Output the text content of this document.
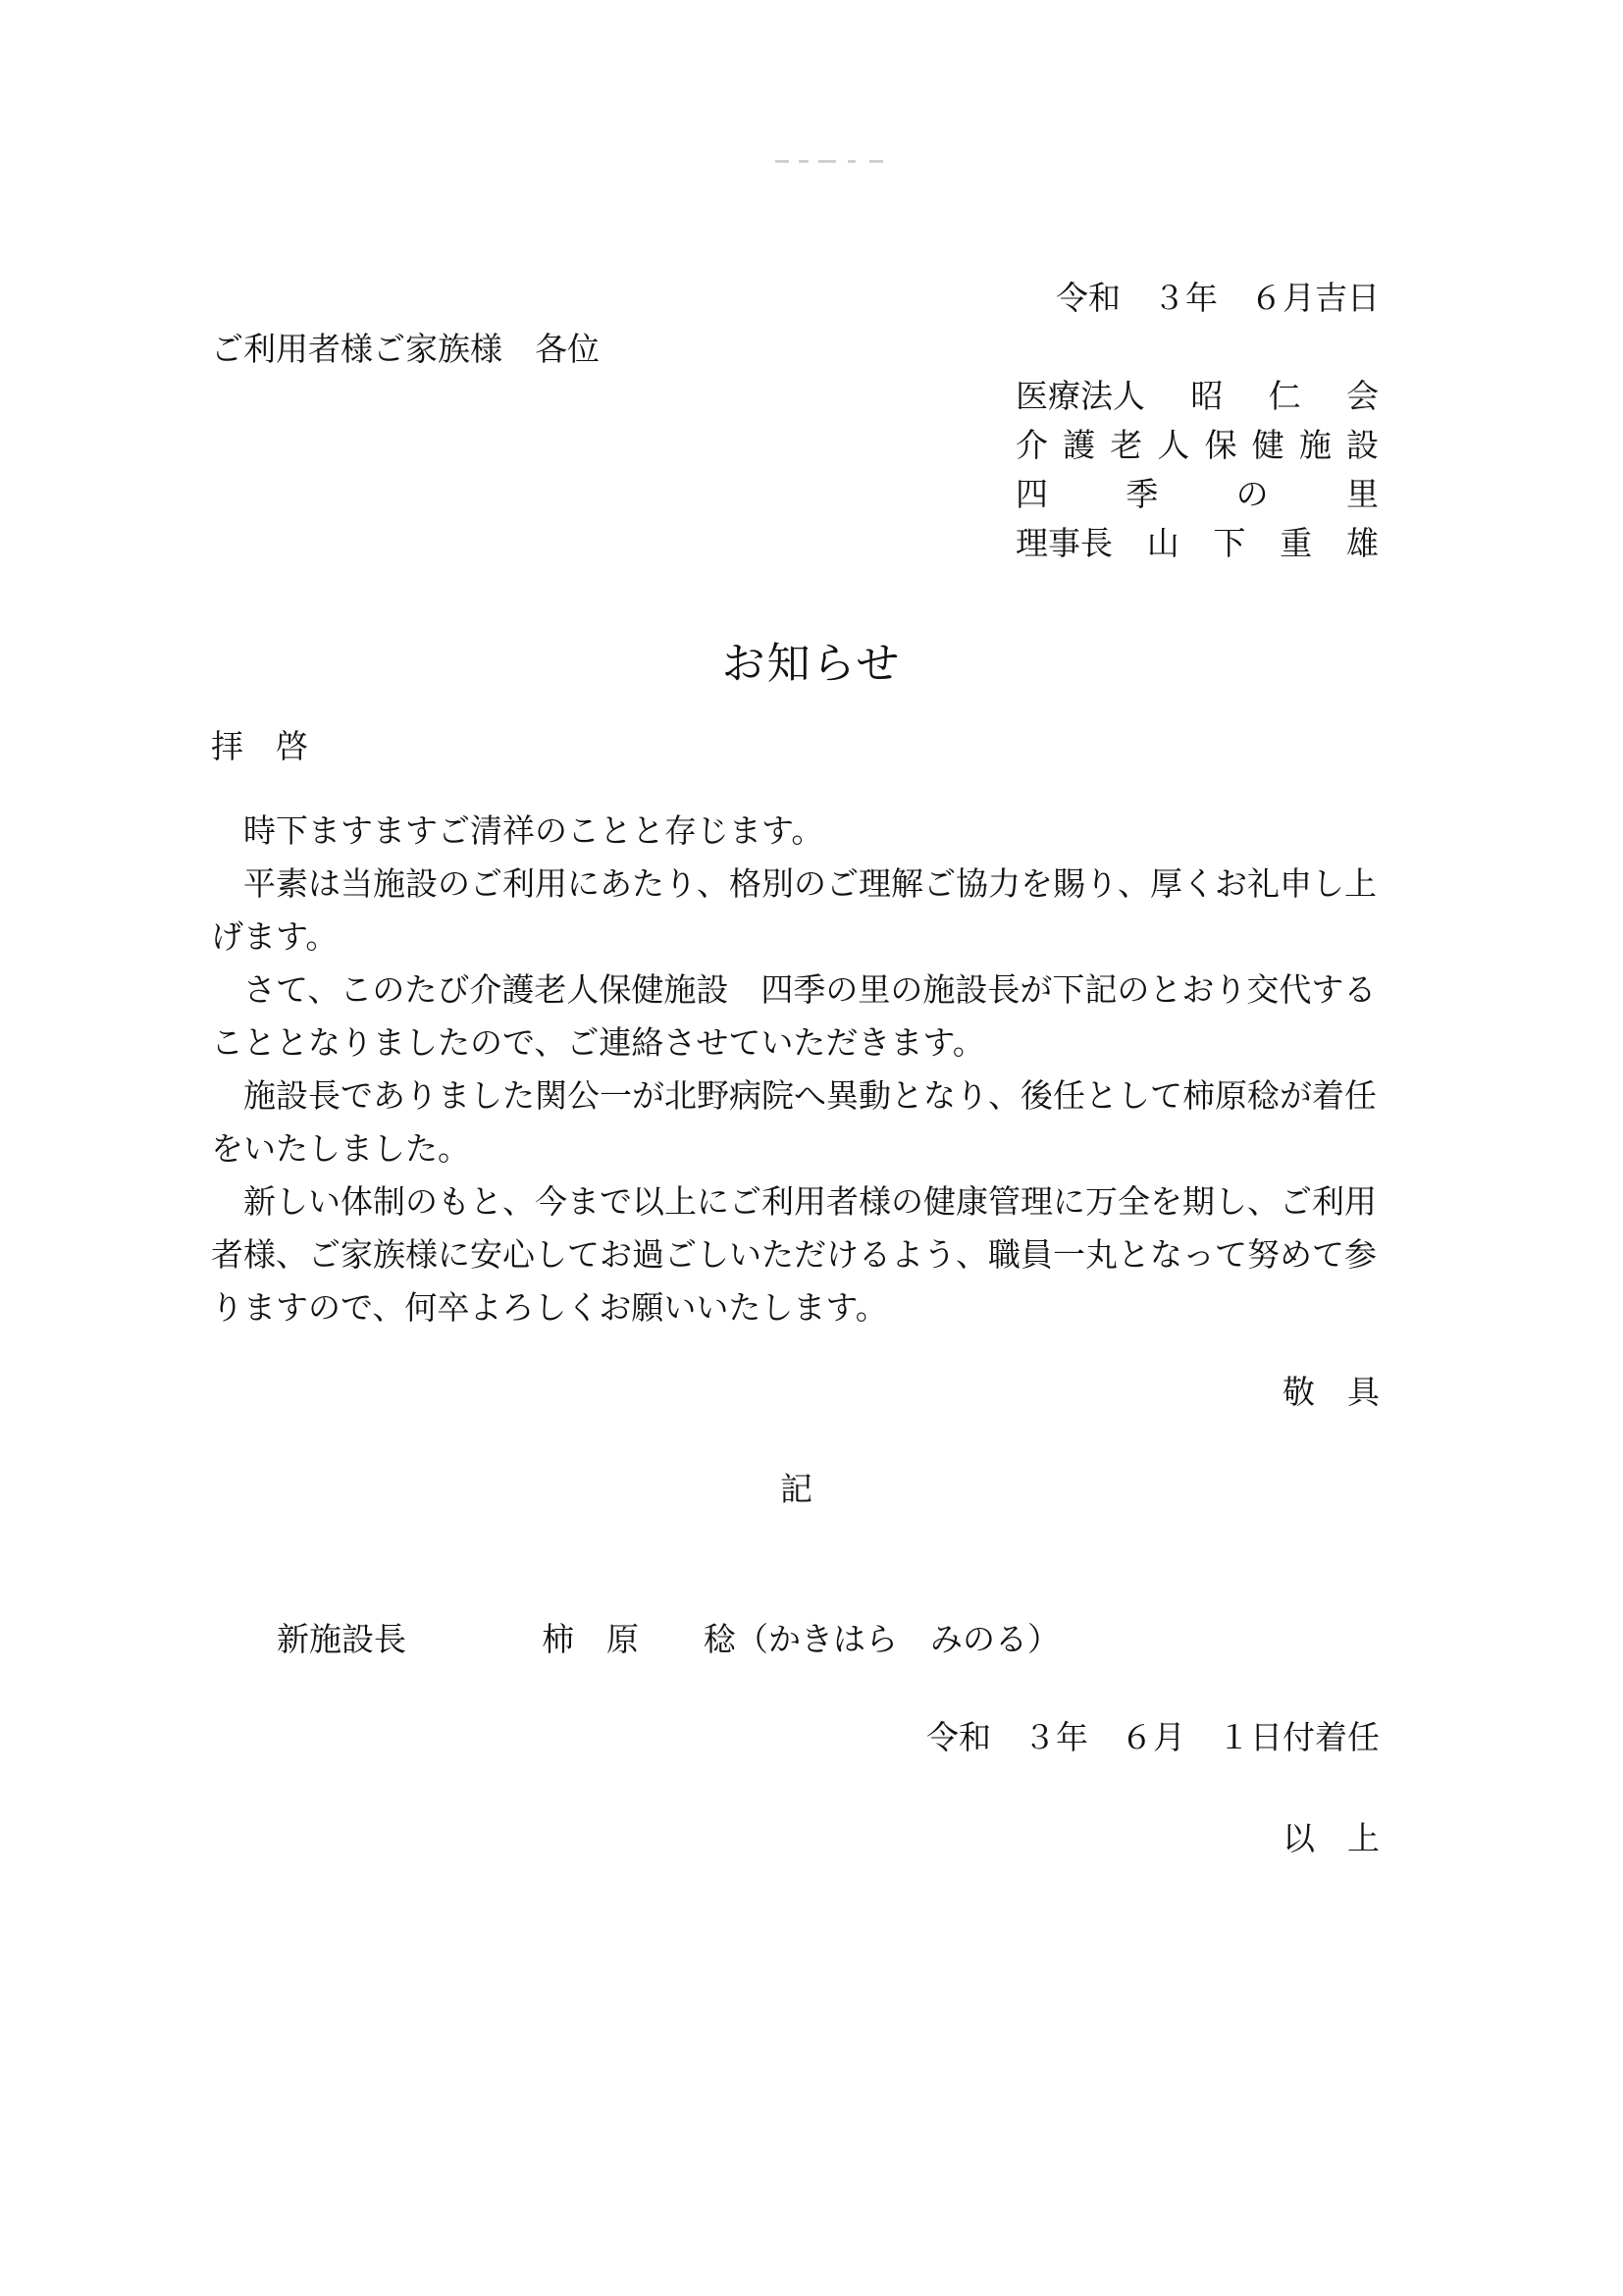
令和　３年　６月吉日
ご利用者様ご家族様　各位
医療法人 昭 仁 会
介 護 老 人 保 健 施 設
四 季 の 里
理事長 山 下 重 雄
お知らせ
拝　啓

時下ますますご清祥のことと存じます。

平素は当施設のご利用にあたり、格別のご理解ご協力を賜り、厚くお礼申し上げます。

さて、このたび介護老人保健施設　四季の里の施設長が下記のとおり交代することとなりましたので、ご連絡させていただきます。

施設長でありました関公一が北野病院へ異動となり、後任として柿原稔が着任をいたしました。

新しい体制のもと、今まで以上にご利用者様の健康管理に万全を期し、ご利用者様、ご家族様に安心してお過ごしいただけるよう、職員一丸となって努めて参りますので、何卒よろしくお願いいたします。

敬　具
記
新施設長	柿　原　　稔（かきはら　みのる）
令和　３年　６月　１日付着任
以　上
